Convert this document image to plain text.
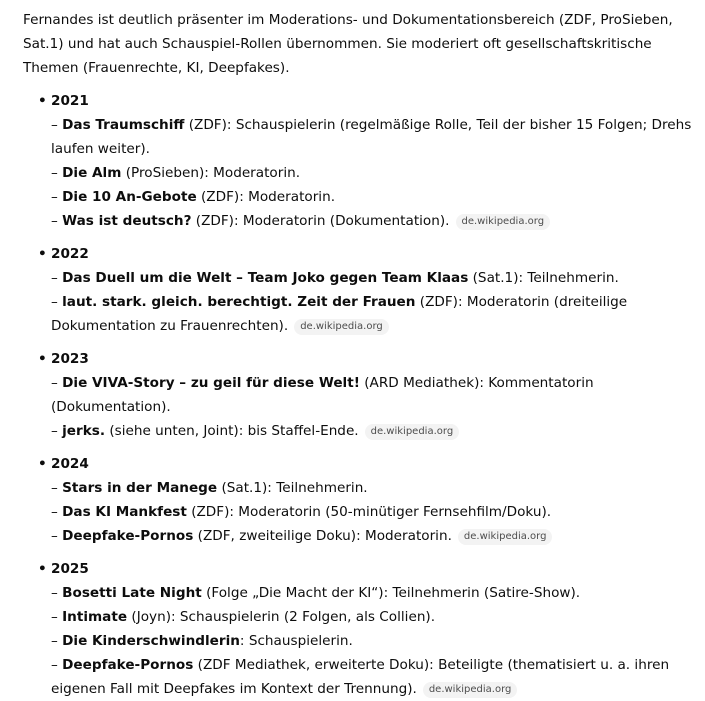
Fernandes ist deutlich präsenter im Moderations- und Dokumentationsbereich (ZDF, ProSieben, Sat.1) und hat auch Schauspiel-Rollen übernommen. Sie moderiert oft gesellschaftskritische Themen (Frauenrechte, KI, Deepfakes).

• 2021
– Das Traumschiff (ZDF): Schauspielerin (regelmäßige Rolle, Teil der bisher 15 Folgen; Drehs laufen weiter).
– Die Alm (ProSieben): Moderatorin.
– Die 10 An-Gebote (ZDF): Moderatorin.
– Was ist deutsch? (ZDF): Moderatorin (Dokumentation). de.wikipedia.org
• 2022
– Das Duell um die Welt – Team Joko gegen Team Klaas (Sat.1): Teilnehmerin.
– laut. stark. gleich. berechtigt. Zeit der Frauen (ZDF): Moderatorin (dreiteilige Dokumentation zu Frauenrechten). de.wikipedia.org
• 2023
– Die VIVA-Story – zu geil für diese Welt! (ARD Mediathek): Kommentatorin (Dokumentation).
– jerks. (siehe unten, Joint): bis Staffel-Ende. de.wikipedia.org
• 2024
– Stars in der Manege (Sat.1): Teilnehmerin.
– Das KI Mankfest (ZDF): Moderatorin (50-minütiger Fernsehfilm/Doku).
– Deepfake-Pornos (ZDF, zweiteilige Doku): Moderatorin. de.wikipedia.org
• 2025
– Bosetti Late Night (Folge „Die Macht der KI“): Teilnehmerin (Satire-Show).
– Intimate (Joyn): Schauspielerin (2 Folgen, als Collien).
– Die Kinderschwindlerin: Schauspielerin.
– Deepfake-Pornos (ZDF Mediathek, erweiterte Doku): Beteiligte (thematisiert u. a. ihren eigenen Fall mit Deepfakes im Kontext der Trennung). de.wikipedia.org
